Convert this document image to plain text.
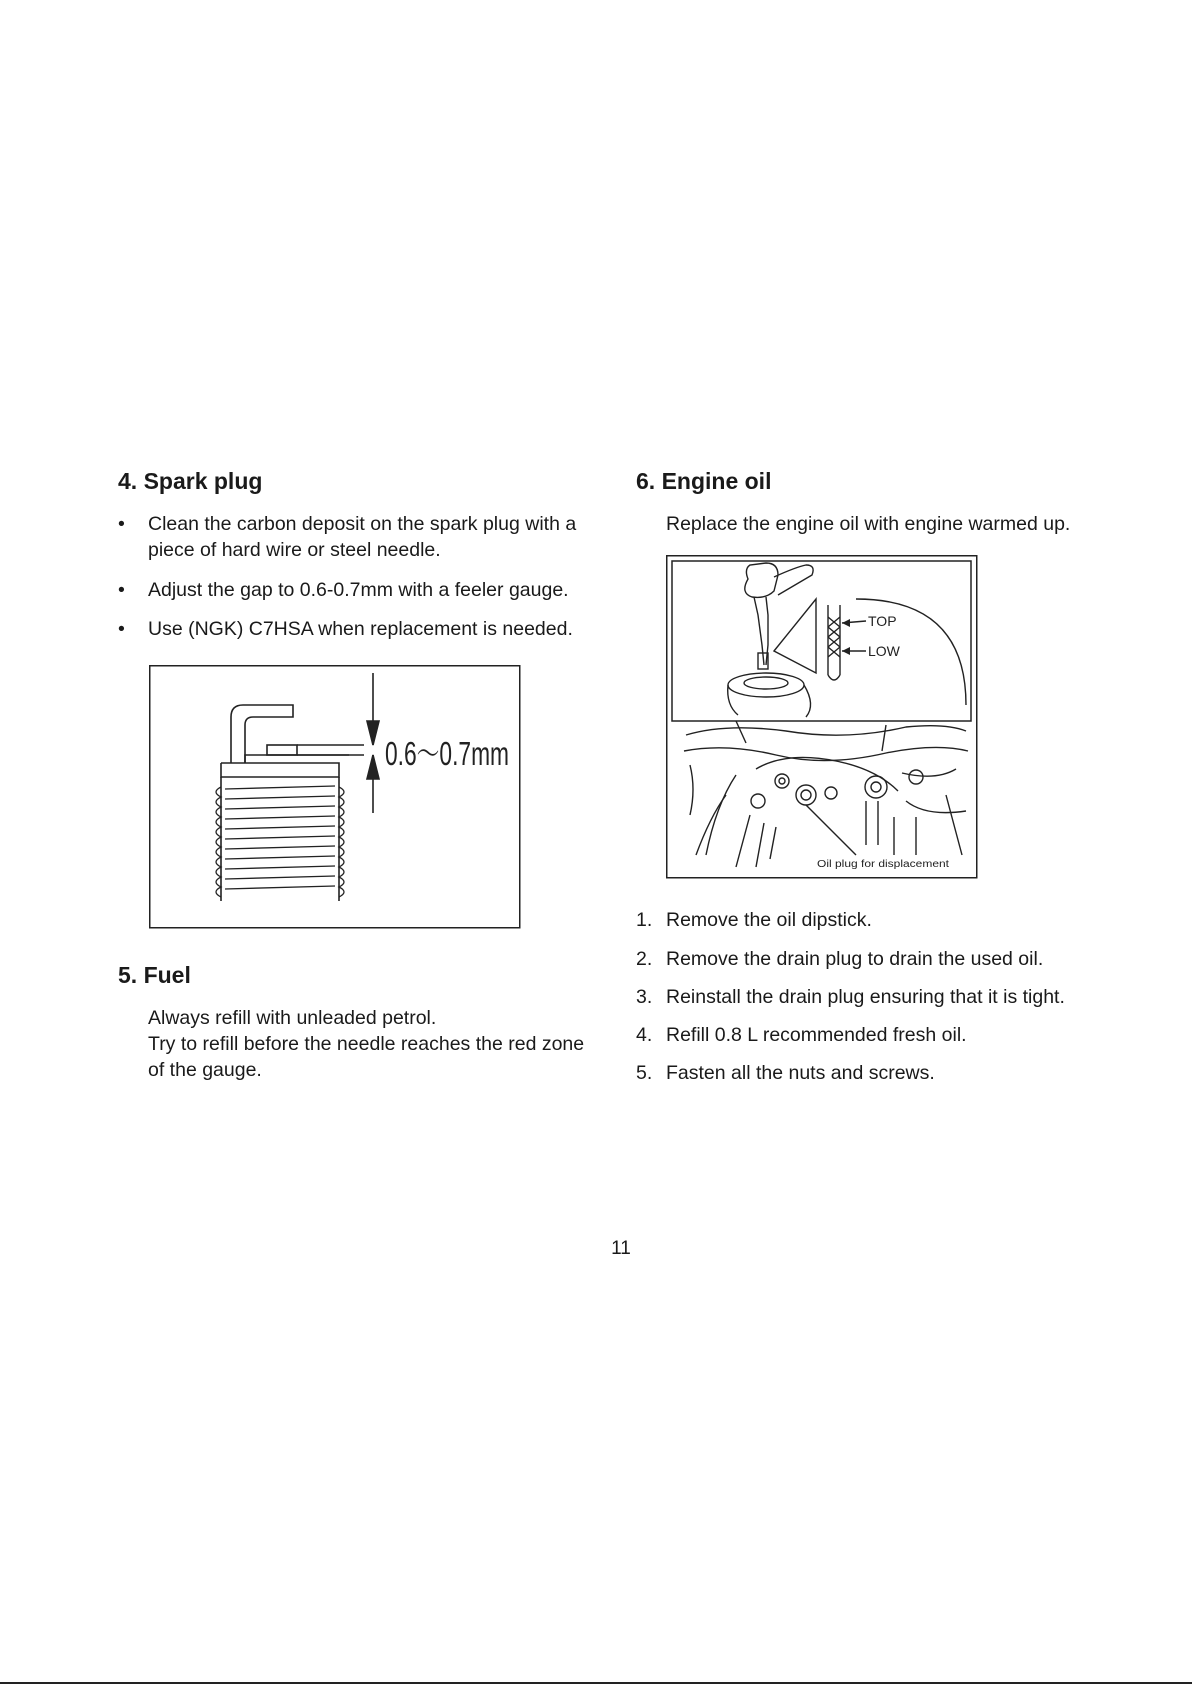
4. Spark plug
• Clean the carbon deposit on the spark plug with a piece of hard wire or steel needle.
• Adjust the gap to 0.6-0.7mm with a feeler gauge.
• Use (NGK) C7HSA when replacement is needed.
0.6～0.7mm
5. Fuel
Always refill with unleaded petrol.
Try to refill before the needle reaches the red zone of the gauge.
6. Engine oil
Replace the engine oil with engine warmed up.
TOP
LOW
Oil plug for displacement
1. Remove the oil dipstick.
2. Remove the drain plug to drain the used oil.
3. Reinstall the drain plug ensuring that it is tight.
4. Refill 0.8 L recommended fresh oil.
5. Fasten all the nuts and screws.
11
